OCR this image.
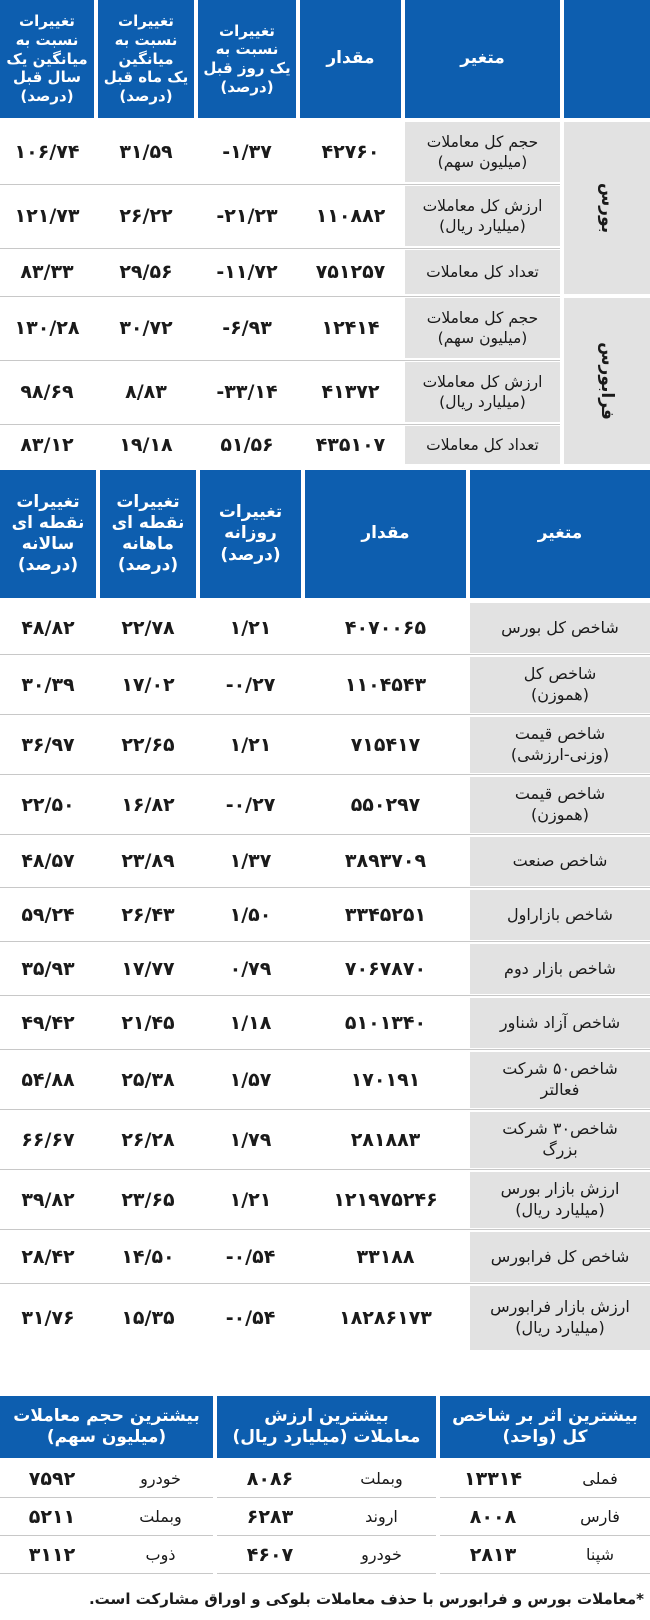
متغیر
مقدار
تغییرات
نسبت به
یک روز قبل
(درصد)
تغییرات
نسبت به
میانگین
یک ماه قبل
(درصد)
تغییرات
نسبت به
میانگین یک
سال قبل
(درصد)
بورس
فرابورس
حجم کل معاملات
(میلیون سهم)
۴۲۷۶۰
-۱/۳۷
۳۱/۵۹
۱۰۶/۷۴
ارزش کل معاملات
(میلیارد ریال)
۱۱۰۸۸۲
-۲۱/۲۳
۲۶/۲۲
۱۲۱/۷۳
تعداد کل معاملات
۷۵۱۲۵۷
-۱۱/۷۲
۲۹/۵۶
۸۳/۳۳
حجم کل معاملات
(میلیون سهم)
۱۲۴۱۴
-۶/۹۳
۳۰/۷۲
۱۳۰/۲۸
ارزش کل معاملات
(میلیارد ریال)
۴۱۳۷۲
-۳۳/۱۴
۸/۸۳
۹۸/۶۹
تعداد کل معاملات
۴۳۵۱۰۷
۵۱/۵۶
۱۹/۱۸
۸۳/۱۲
متغیر
مقدار
تغییرات
روزانه
(درصد)
تغییرات
نقطه ای
ماهانه
(درصد)
تغییرات
نقطه ای
سالانه
(درصد)
شاخص کل بورس
۴۰۷۰۰۶۵
۱/۲۱
۲۲/۷۸
۴۸/۸۲
شاخص کل
(هموزن)
۱۱۰۴۵۴۳
-۰/۲۷
۱۷/۰۲
۳۰/۳۹
شاخص قیمت
(وزنی-ارزشی)
۷۱۵۴۱۷
۱/۲۱
۲۲/۶۵
۳۶/۹۷
شاخص قیمت
(هموزن)
۵۵۰۲۹۷
-۰/۲۷
۱۶/۸۲
۲۲/۵۰
شاخص صنعت
۳۸۹۳۷۰۹
۱/۳۷
۲۳/۸۹
۴۸/۵۷
شاخص بازاراول
۳۳۴۵۲۵۱
۱/۵۰
۲۶/۴۳
۵۹/۲۴
شاخص بازار دوم
۷۰۶۷۸۷۰
۰/۷۹
۱۷/۷۷
۳۵/۹۳
شاخص آزاد شناور
۵۱۰۱۳۴۰
۱/۱۸
۲۱/۴۵
۴۹/۴۲
شاخص۵۰ شرکت
فعالتر
۱۷۰۱۹۱
۱/۵۷
۲۵/۳۸
۵۴/۸۸
شاخص۳۰ شرکت
بزرگ
۲۸۱۸۸۳
۱/۷۹
۲۶/۲۸
۶۶/۶۷
ارزش بازار بورس
(میلیارد ریال)
۱۲۱۹۷۵۲۴۶
۱/۲۱
۲۳/۶۵
۳۹/۸۲
شاخص کل فرابورس
۳۳۱۸۸
-۰/۵۴
۱۴/۵۰
۲۸/۴۲
ارزش بازار فرابورس
(میلیارد ریال)
۱۸۲۸۶۱۷۳
-۰/۵۴
۱۵/۳۵
۳۱/۷۶
بیشترین اثر بر شاخص
کل (واحد)
بیشترین ارزش
معاملات (میلیارد ریال)
بیشترین حجم معاملات
(میلیون سهم)
فملی
۱۳۳۱۴
وبملت
۸۰۸۶
خودرو
۷۵۹۲
فارس
۸۰۰۸
اروند
۶۲۸۳
وبملت
۵۲۱۱
شپنا
۲۸۱۳
خودرو
۴۶۰۷
ذوب
۳۱۱۲
*معاملات بورس و فرابورس با حذف معاملات بلوکی و اوراق مشارکت است.
